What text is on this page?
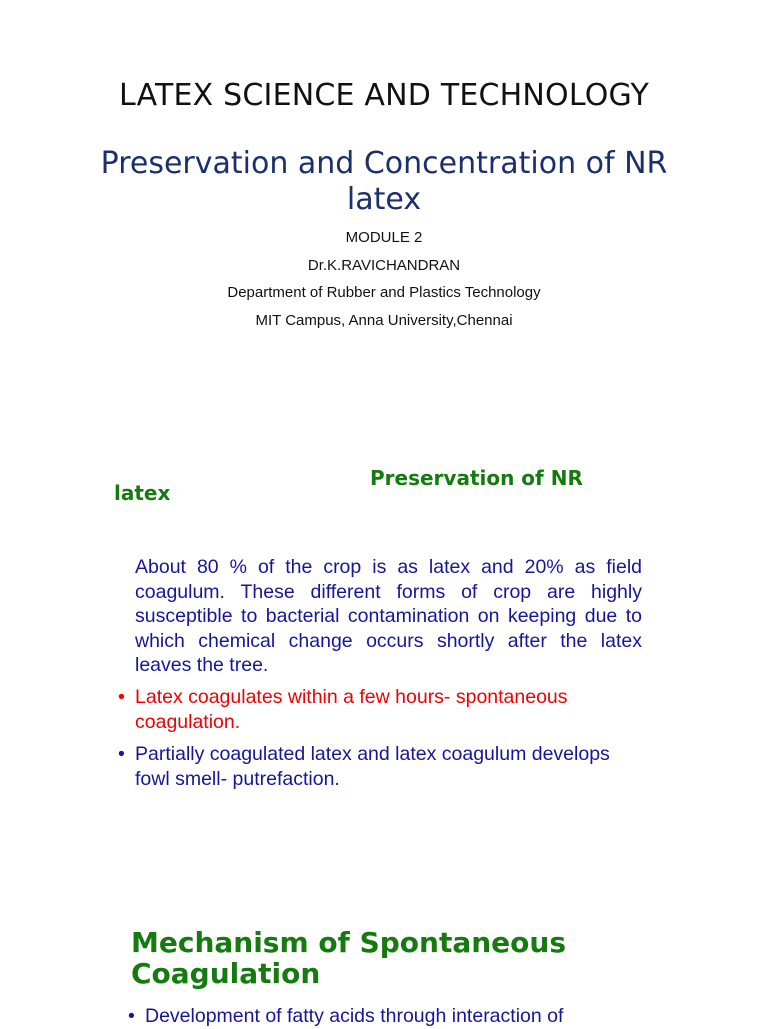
LATEX SCIENCE AND TECHNOLOGY
Preservation and Concentration of NR latex
MODULE 2
Dr.K.RAVICHANDRAN
Department of Rubber and Plastics Technology
MIT Campus, Anna University,Chennai
Preservation of NR
latex
About 80 % of the crop is as latex and 20% as field coagulum. These different forms of crop are highly susceptible to bacterial contamination on keeping due to which chemical change occurs shortly after the latex leaves the tree.
• Latex coagulates within a few hours- spontaneous coagulation.
• Partially coagulated latex and latex coagulum develops fowl smell- putrefaction.
Mechanism of Spontaneous Coagulation
• Development of fatty acids through interaction of
